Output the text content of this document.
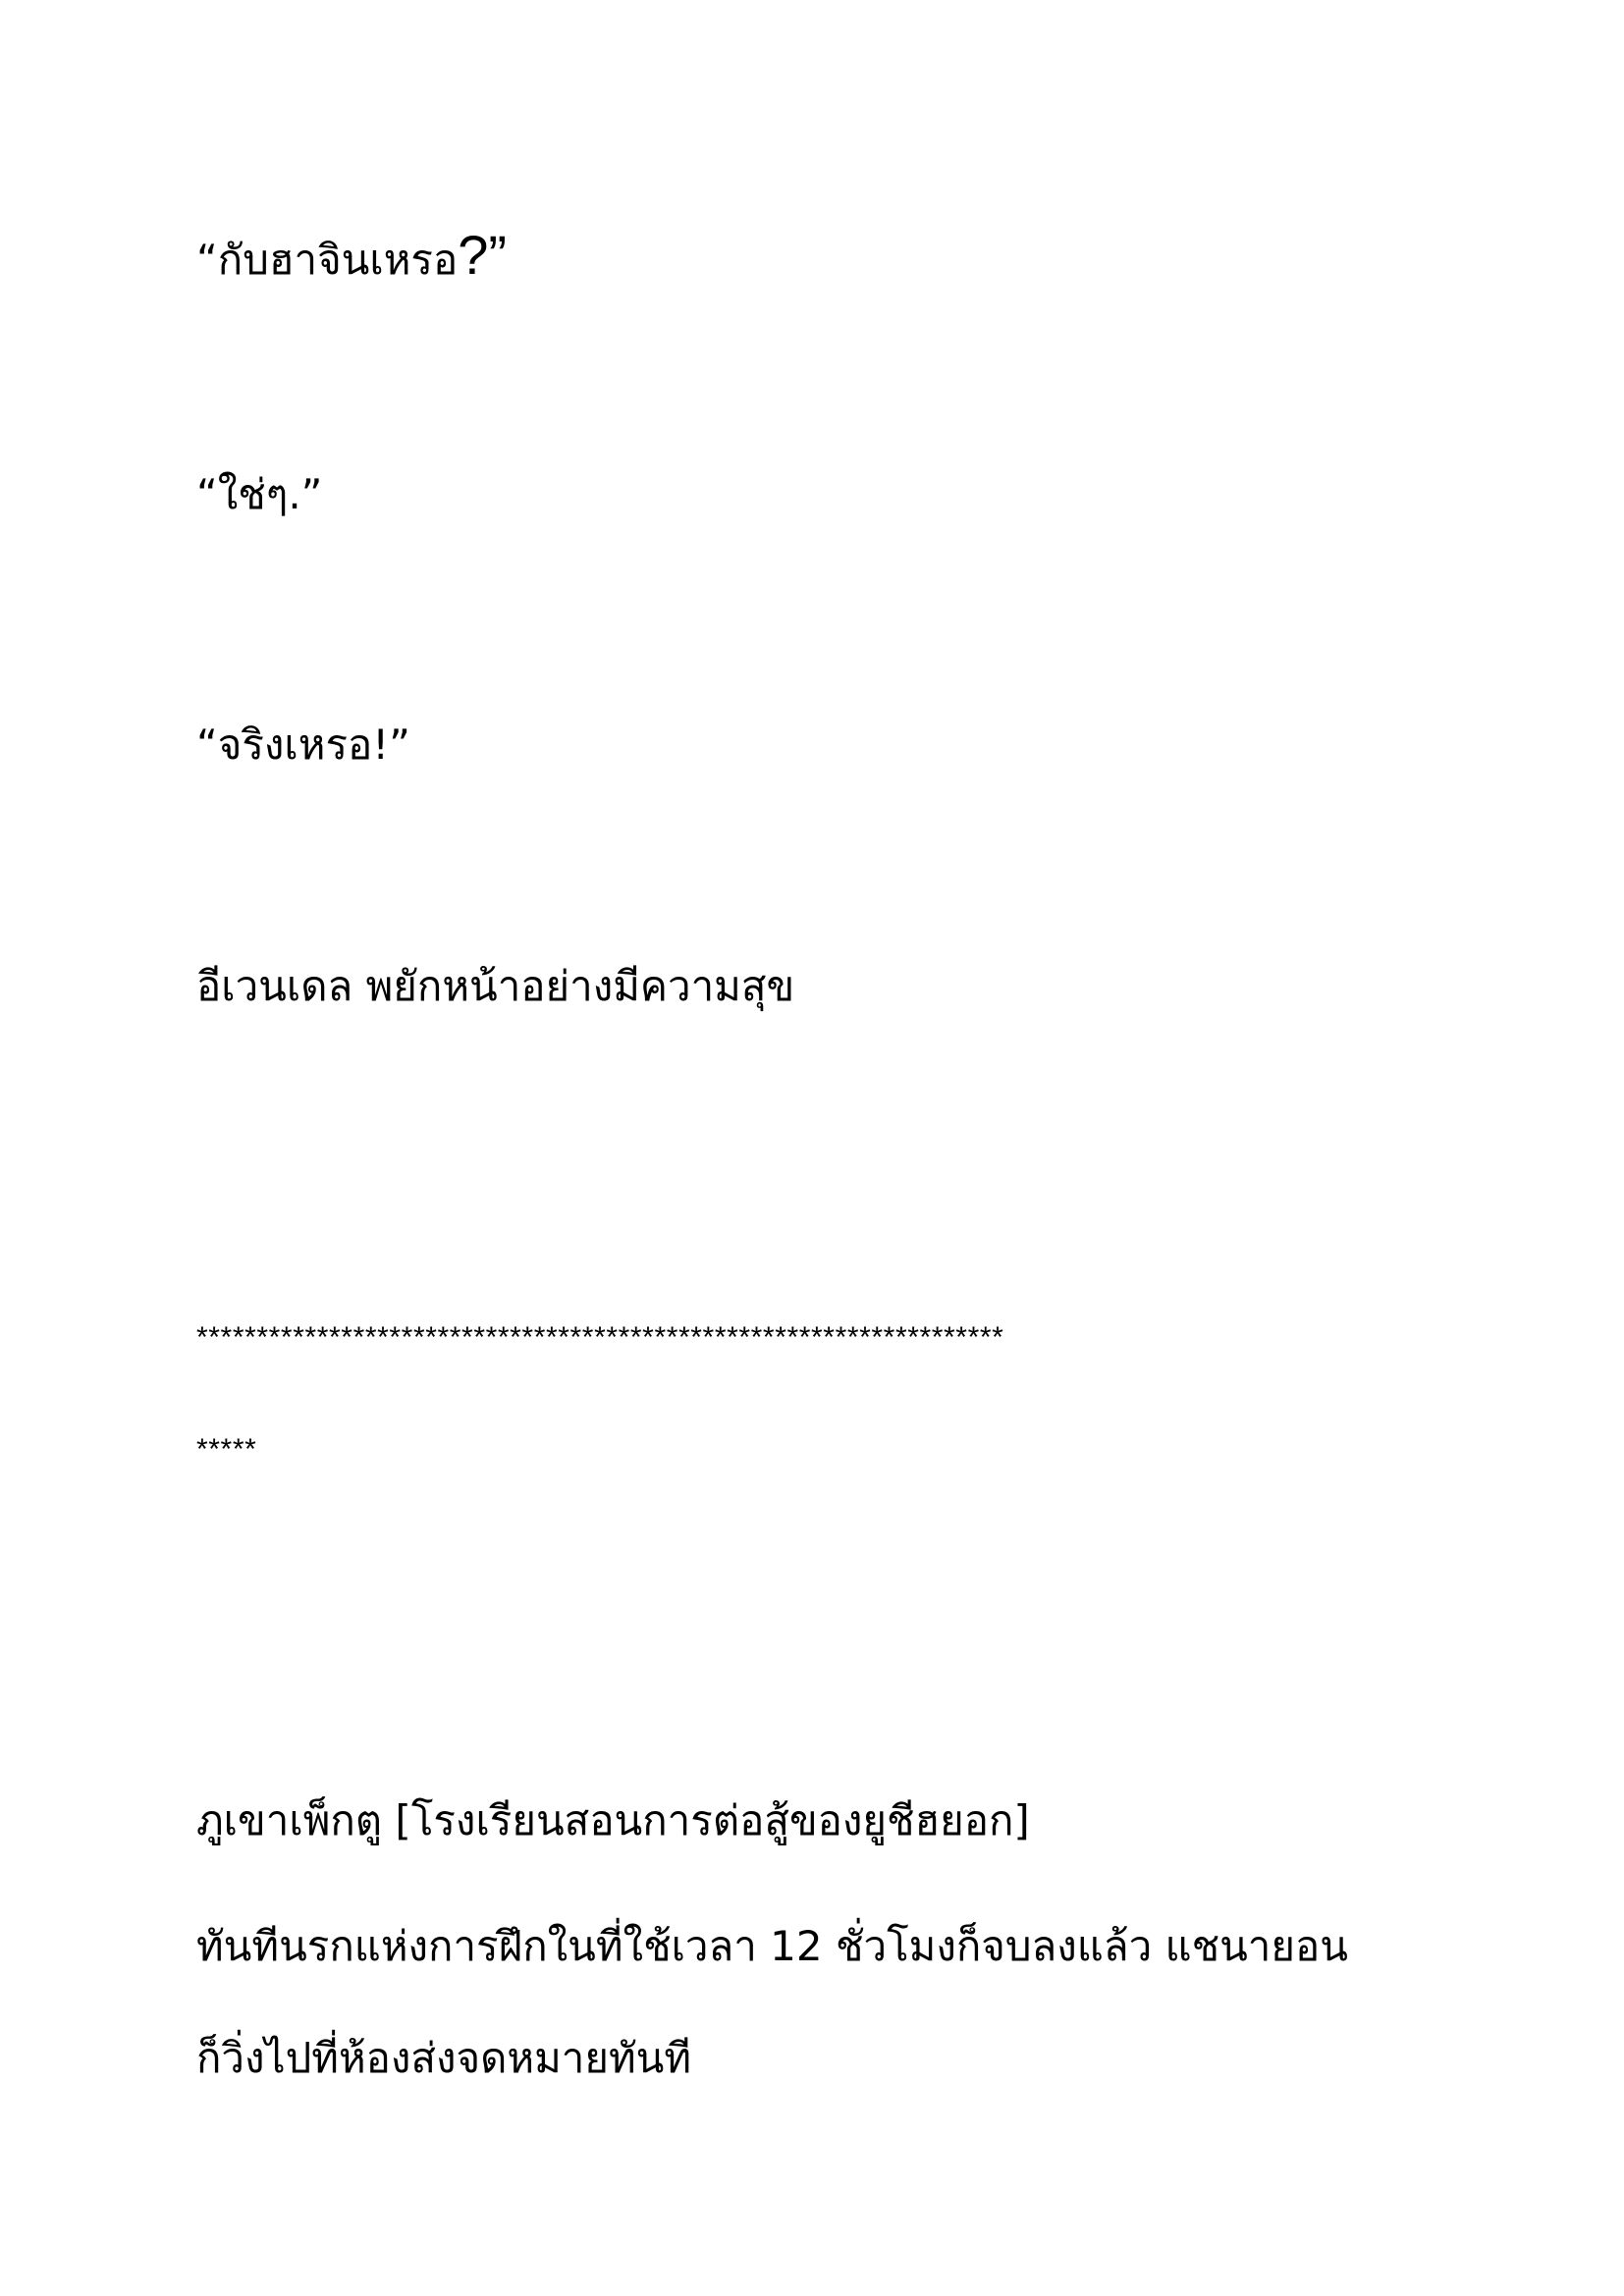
“กับฮาจินเหรอ?”
“ใช่ๆ.”
“จริงเหรอ!”
อีเวนเดล พยักหน้าอย่างมีความสุข
*******************************************************************
*****
ภูเขาเพ็กตู [โรงเรียนสอนการต่อสู้ของยูชีฮยอก]
ทันทีนรกแห่งการฝึกในที่ใช้เวลา 12 ชั่วโมงก็จบลงแล้ว แชนายอน
ก็วิ่งไปที่ห้องส่งจดหมายทันที
